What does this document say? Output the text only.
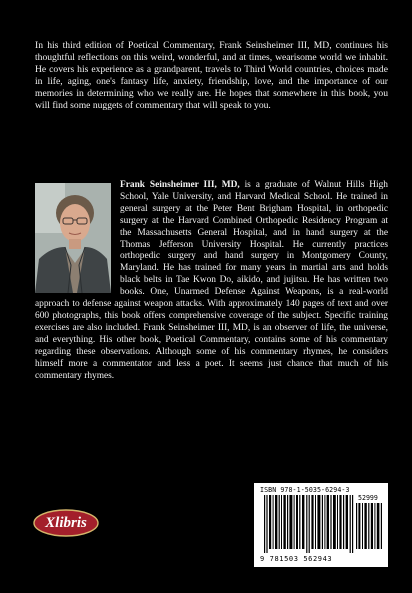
In his third edition of Poetical Commentary, Frank Seinsheimer III, MD, continues his thoughtful reflections on this weird, wonderful, and at times, wearisome world we inhabit. He covers his experience as a grandparent, travels to Third World countries, choices made in life, aging, one's fantasy life, anxiety, friendship, love, and the importance of our memories in determining who we really are. He hopes that somewhere in this book, you will find some nuggets of commentary that will speak to you.

Frank Seinsheimer III, MD, is a graduate of Walnut Hills High School, Yale University, and Harvard Medical School. He trained in general surgery at the Peter Bent Brigham Hospital, in orthopedic surgery at the Harvard Combined Orthopedic Residency Program at the Massachusetts General Hospital, and in hand surgery at the Thomas Jefferson University Hospital. He currently practices orthopedic surgery and hand surgery in Montgomery County, Maryland. He has trained for many years in martial arts and holds black belts in Tae Kwon Do, aikido, and jujitsu. He has written two books. One, Unarmed Defense Against Weapons, is a real-world approach to defense against weapon attacks. With approximately 140 pages of text and over 600 photographs, this book offers comprehensive coverage of the subject. Specific training exercises are also included. Frank Seinsheimer III, MD, is an observer of life, the universe, and everything. His other book, Poetical Commentary, contains some of his commentary regarding these observations. Although some of his commentary rhymes, he considers himself more a commentator and less a poet. It seems just chance that much of his commentary rhymes.

Xlibris
ISBN 978-1-5035-6294-3
52999
9 781503 562943
